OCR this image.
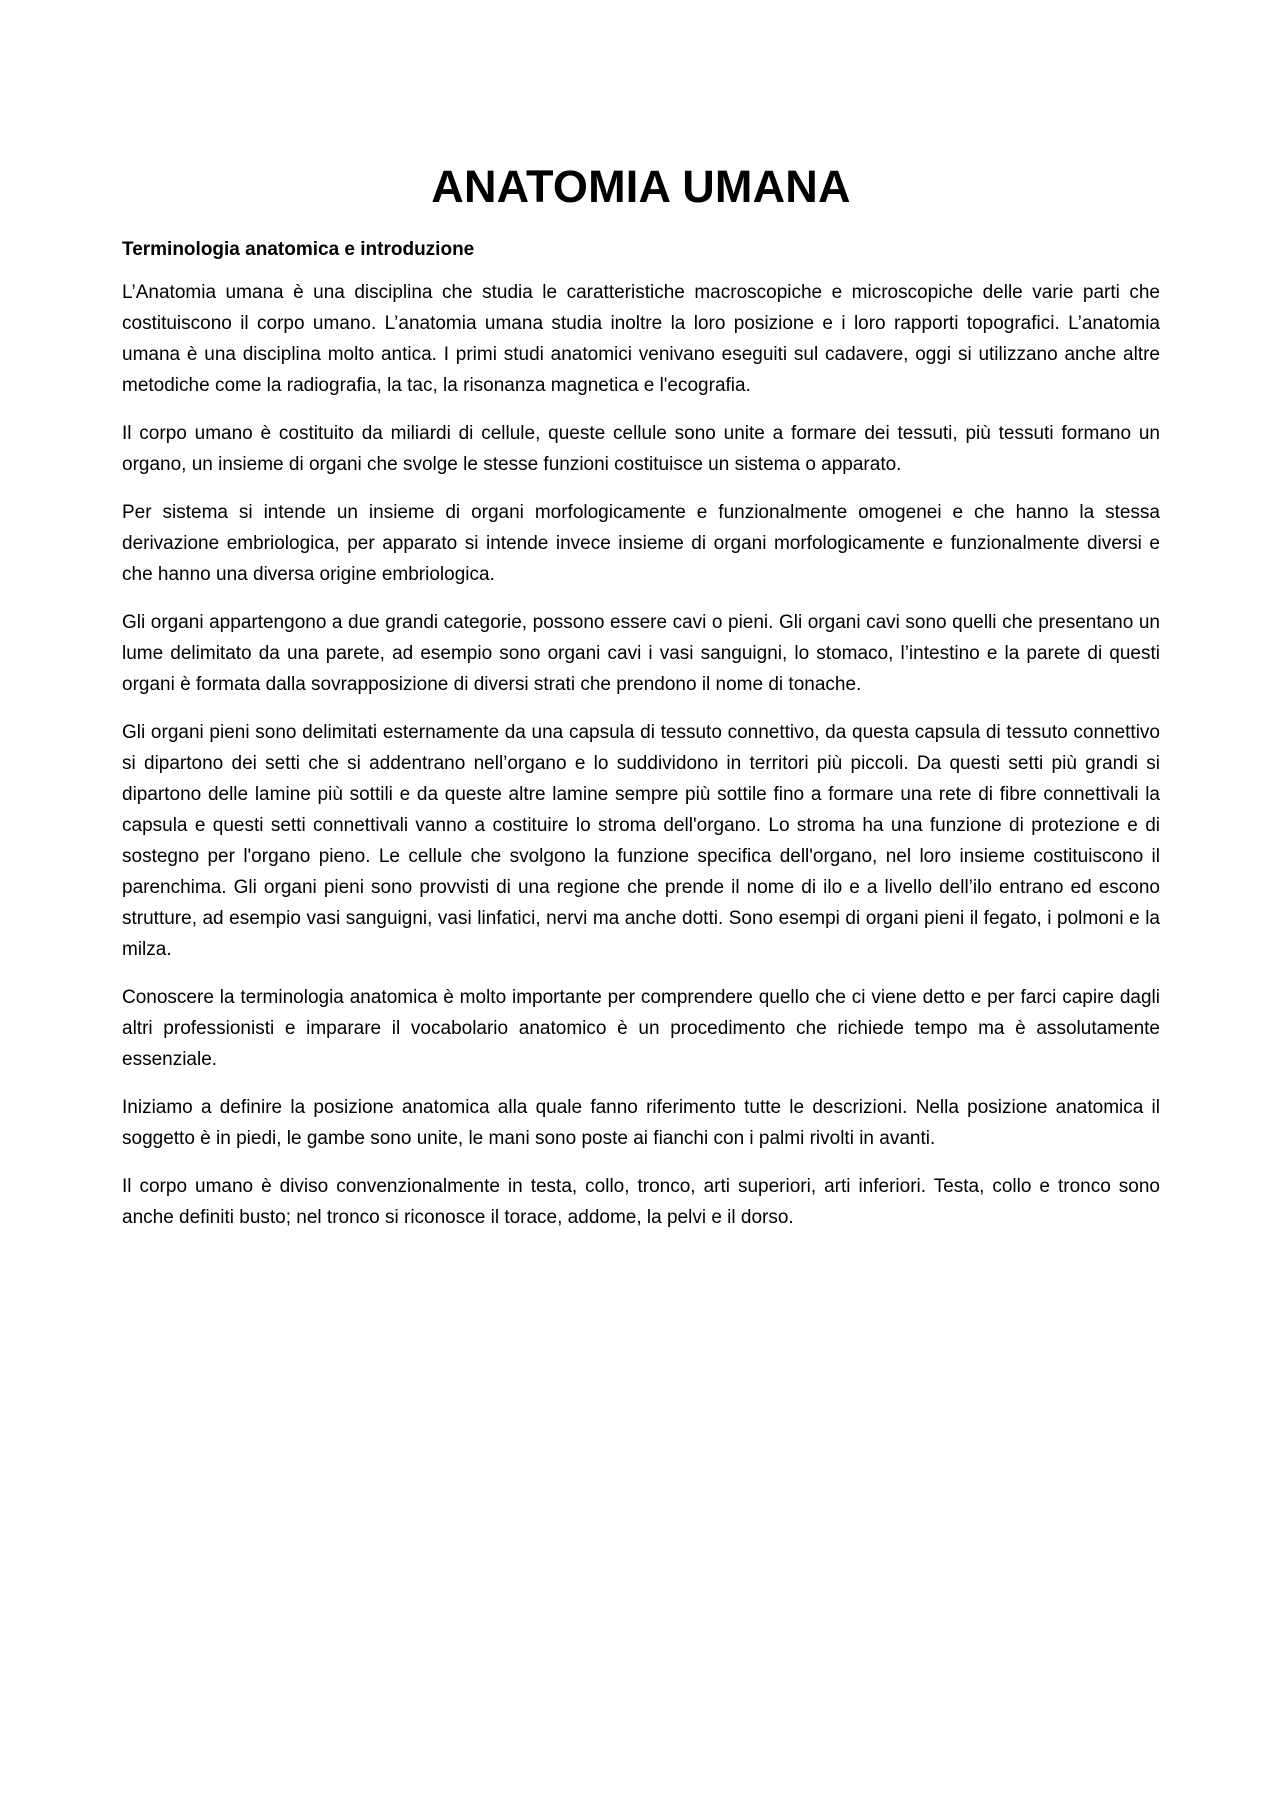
ANATOMIA UMANA
Terminologia anatomica e introduzione

L’Anatomia umana è una disciplina che studia le caratteristiche macroscopiche e microscopiche delle varie parti che costituiscono il corpo umano. L’anatomia umana studia inoltre la loro posizione e i loro rapporti topografici. L’anatomia umana è una disciplina molto antica. I primi studi anatomici venivano eseguiti sul cadavere, oggi si utilizzano anche altre metodiche come la radiografia, la tac, la risonanza magnetica e l'ecografia.

Il corpo umano è costituito da miliardi di cellule, queste cellule sono unite a formare dei tessuti, più tessuti formano un organo, un insieme di organi che svolge le stesse funzioni costituisce un sistema o apparato.

Per sistema si intende un insieme di organi morfologicamente e funzionalmente omogenei e che hanno la stessa derivazione embriologica, per apparato si intende invece insieme di organi morfologicamente e funzionalmente diversi e che hanno una diversa origine embriologica.

Gli organi appartengono a due grandi categorie, possono essere cavi o pieni. Gli organi cavi sono quelli che presentano un lume delimitato da una parete, ad esempio sono organi cavi i vasi sanguigni, lo stomaco, l’intestino e la parete di questi organi è formata dalla sovrapposizione di diversi strati che prendono il nome di tonache.

Gli organi pieni sono delimitati esternamente da una capsula di tessuto connettivo, da questa capsula di tessuto connettivo si dipartono dei setti che si addentrano nell’organo e lo suddividono in territori più piccoli. Da questi setti più grandi si dipartono delle lamine più sottili e da queste altre lamine sempre più sottile fino a formare una rete di fibre connettivali la capsula e questi setti connettivali vanno a costituire lo stroma dell'organo. Lo stroma ha una funzione di protezione e di sostegno per l'organo pieno. Le cellule che svolgono la funzione specifica dell'organo, nel loro insieme costituiscono il parenchima. Gli organi pieni sono provvisti di una regione che prende il nome di ilo e a livello dell’ilo entrano ed escono strutture, ad esempio vasi sanguigni, vasi linfatici, nervi ma anche dotti. Sono esempi di organi pieni il fegato, i polmoni e la milza.

Conoscere la terminologia anatomica è molto importante per comprendere quello che ci viene detto e per farci capire dagli altri professionisti e imparare il vocabolario anatomico è un procedimento che richiede tempo ma è assolutamente essenziale.

Iniziamo a definire la posizione anatomica alla quale fanno riferimento tutte le descrizioni. Nella posizione anatomica il soggetto è in piedi, le gambe sono unite, le mani sono poste ai fianchi con i palmi rivolti in avanti.

Il corpo umano è diviso convenzionalmente in testa, collo, tronco, arti superiori, arti inferiori. Testa, collo e tronco sono anche definiti busto; nel tronco si riconosce il torace, addome, la pelvi e il dorso.
